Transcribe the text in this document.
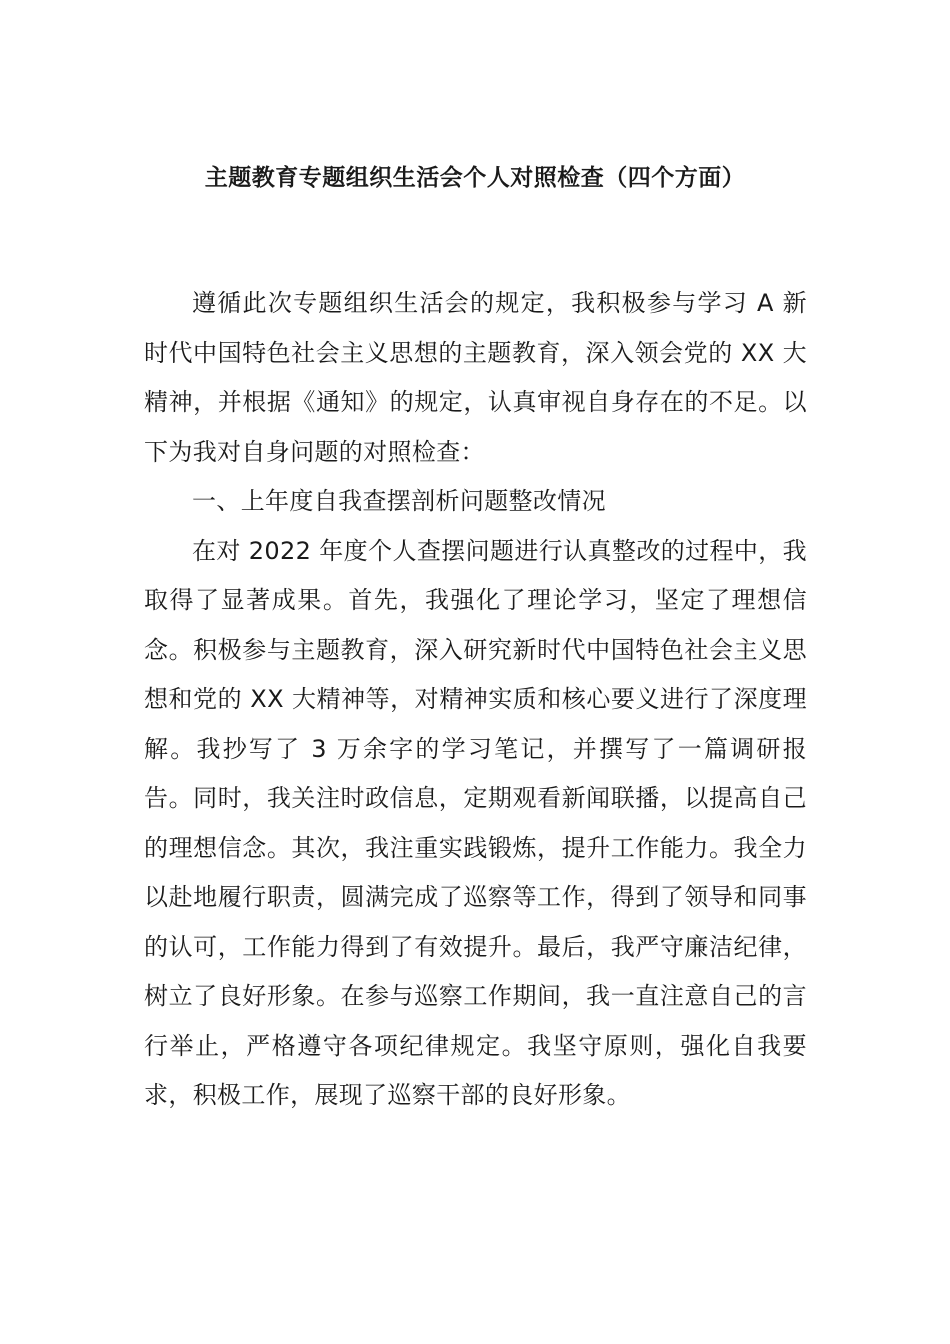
主题教育专题组织生活会个人对照检查（四个方面）

遵循此次专题组织生活会的规定，我积极参与学习 A 新时代中国特色社会主义思想的主题教育，深入领会党的 XX 大精神，并根据《通知》的规定，认真审视自身存在的不足。以下为我对自身问题的对照检查：

一、上年度自我查摆剖析问题整改情况

在对 2022 年度个人查摆问题进行认真整改的过程中，我取得了显著成果。首先，我强化了理论学习，坚定了理想信念。积极参与主题教育，深入研究新时代中国特色社会主义思想和党的 XX 大精神等，对精神实质和核心要义进行了深度理解。我抄写了 3 万余字的学习笔记，并撰写了一篇调研报告。同时，我关注时政信息，定期观看新闻联播，以提高自己的理想信念。其次，我注重实践锻炼，提升工作能力。我全力以赴地履行职责，圆满完成了巡察等工作，得到了领导和同事的认可，工作能力得到了有效提升。最后，我严守廉洁纪律，树立了良好形象。在参与巡察工作期间，我一直注意自己的言行举止，严格遵守各项纪律规定。我坚守原则，强化自我要求，积极工作，展现了巡察干部的良好形象。
